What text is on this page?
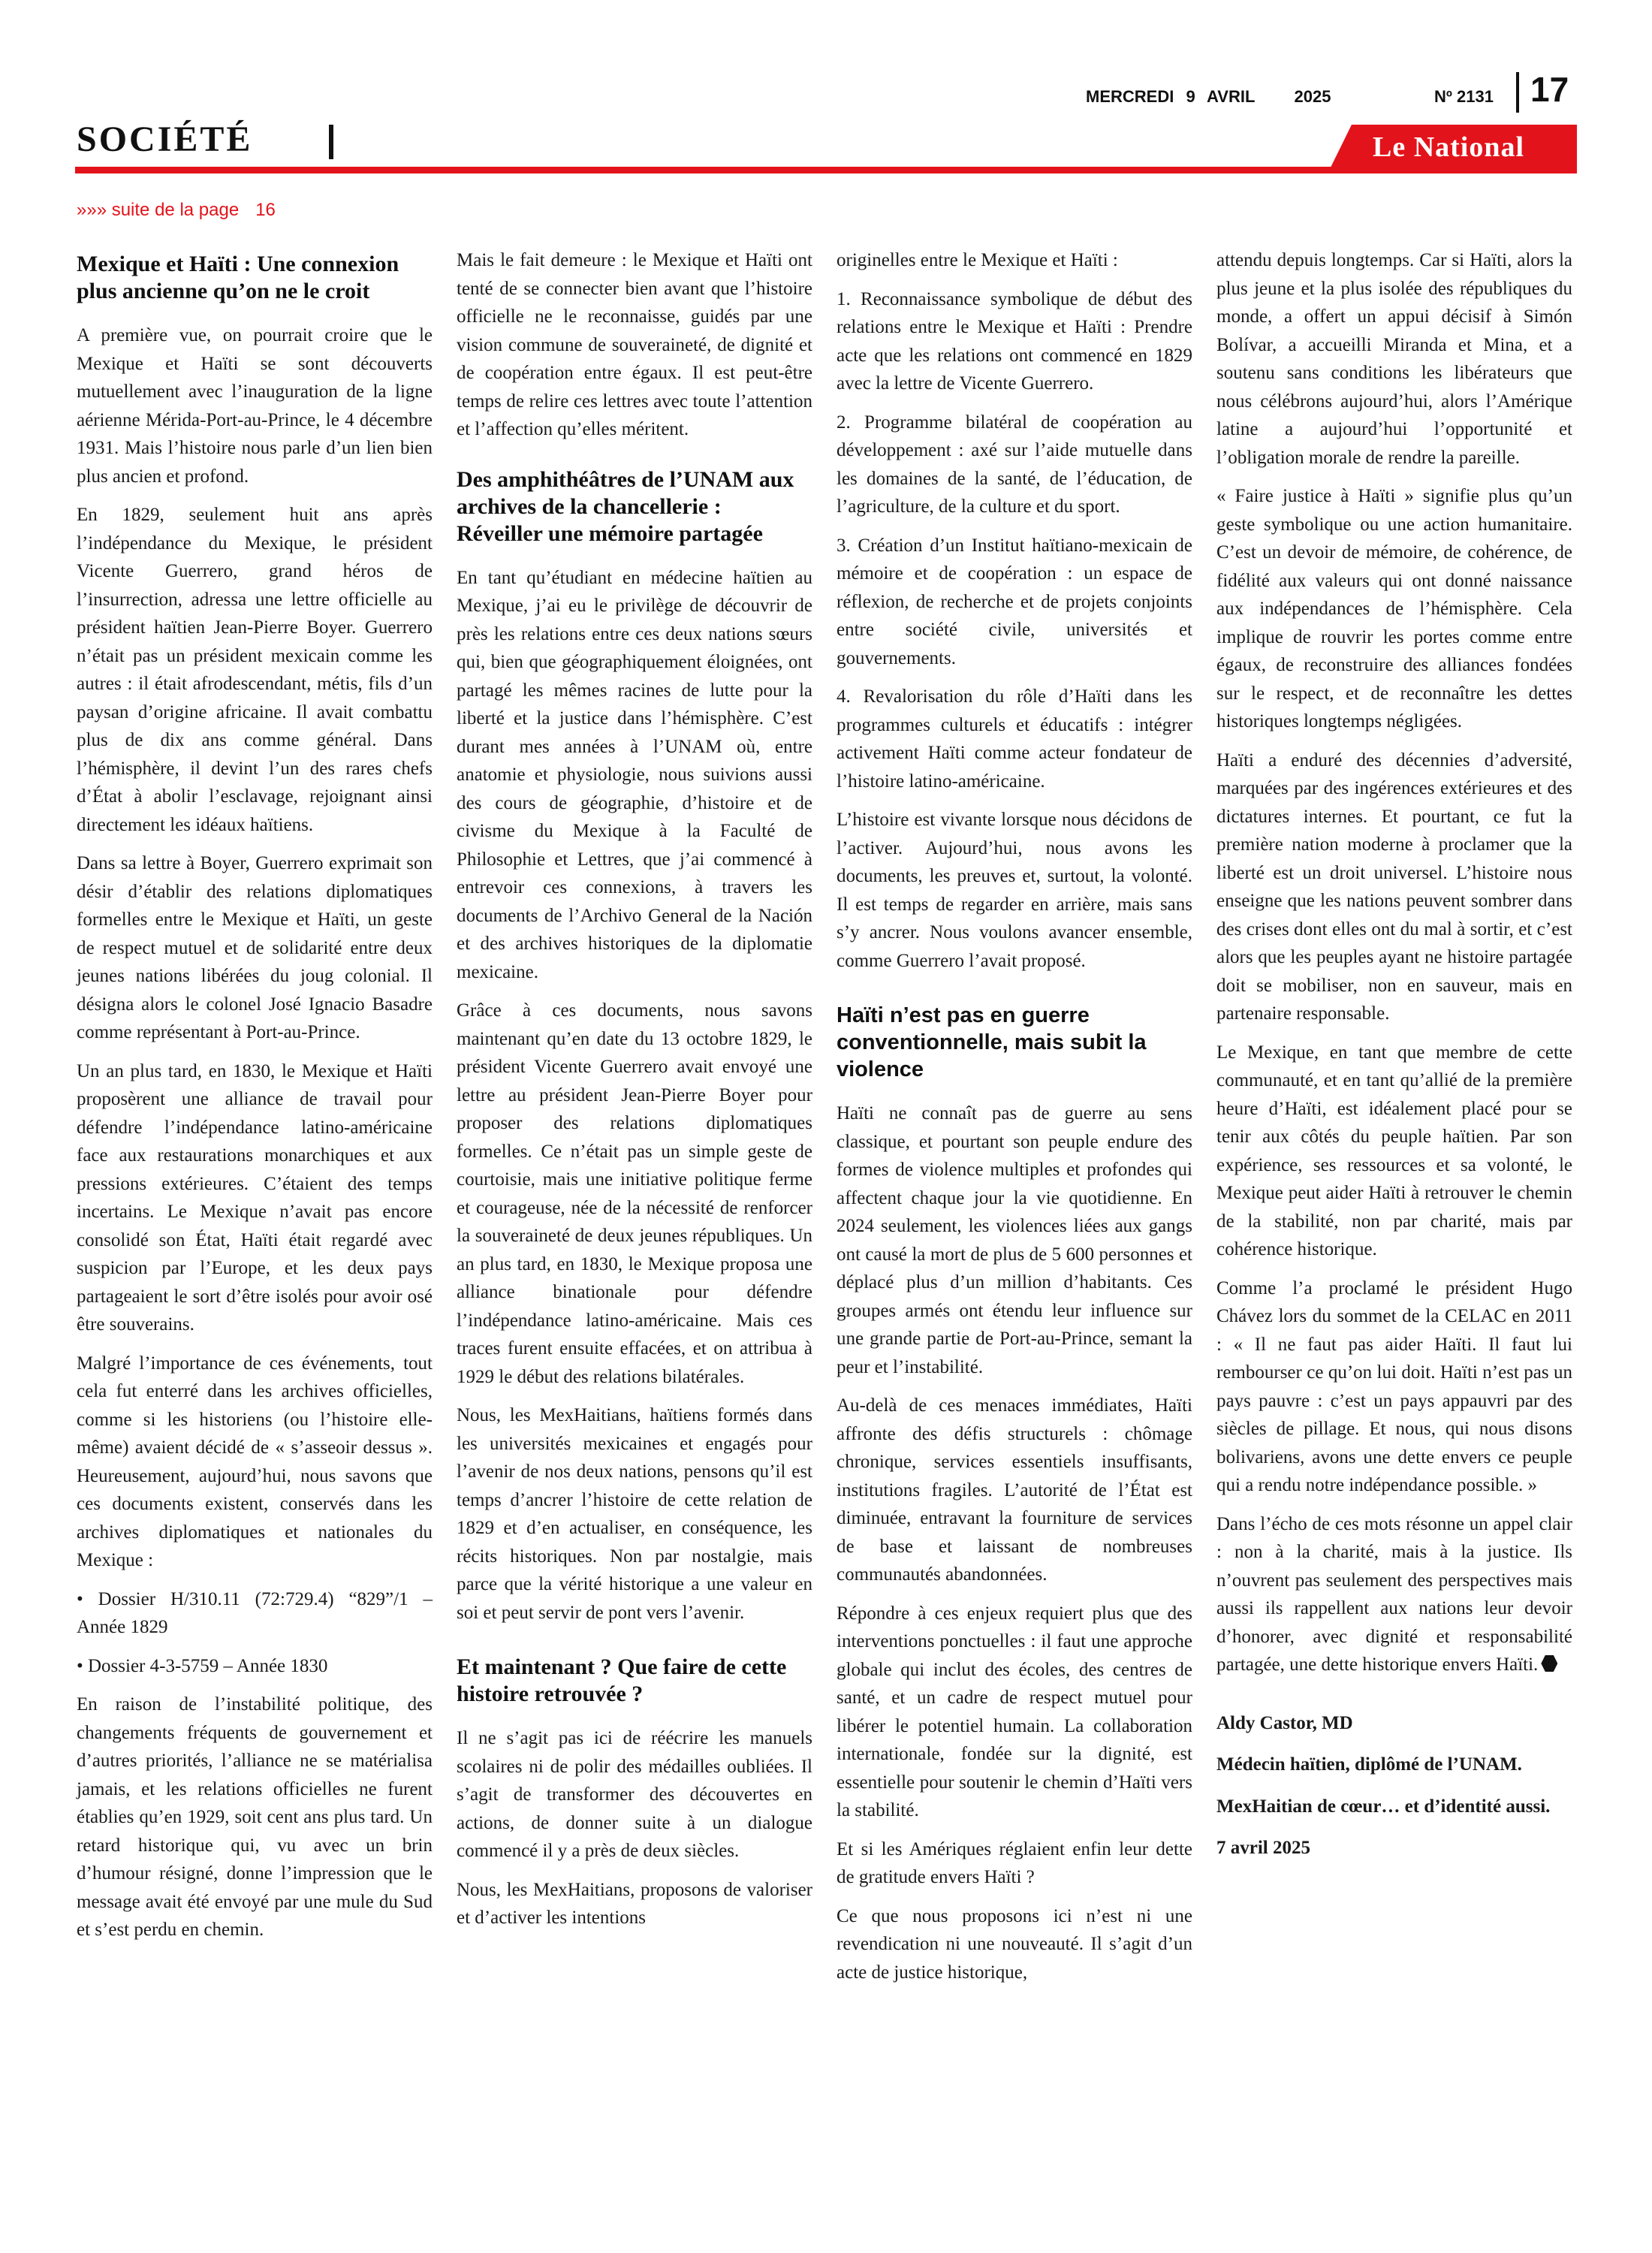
SOCIÉTÉ
MERCREDI 9 AVRIL 2025	Nº 2131 17
Le National
»»» suite de la page 16
Mexique et Haïti : Une connexion plus ancienne qu’on ne le croit

A première vue, on pourrait croire que le Mexique et Haïti se sont découverts mutuellement avec l’inauguration de la ligne aérienne Mérida-Port-au-Prince, le 4 décembre 1931. Mais l’histoire nous parle d’un lien bien plus ancien et profond.

En 1829, seulement huit ans après l’indépendance du Mexique, le président Vicente Guerrero, grand héros de l’insurrection, adressa une lettre officielle au président haïtien Jean-Pierre Boyer. Guerrero n’était pas un président mexicain comme les autres : il était afrodescendant, métis, fils d’un paysan d’origine africaine. Il avait combattu plus de dix ans comme général. Dans l’hémisphère, il devint l’un des rares chefs d’État à abolir l’esclavage, rejoignant ainsi directement les idéaux haïtiens.

Dans sa lettre à Boyer, Guerrero exprimait son désir d’établir des relations diplomatiques formelles entre le Mexique et Haïti, un geste de respect mutuel et de solidarité entre deux jeunes nations libérées du joug colonial. Il désigna alors le colonel José Ignacio Basadre comme représentant à Port-au-Prince.

Un an plus tard, en 1830, le Mexique et Haïti proposèrent une alliance de travail pour défendre l’indépendance latino-américaine face aux restaurations monarchiques et aux pressions extérieures. C’étaient des temps incertains. Le Mexique n’avait pas encore consolidé son État, Haïti était regardé avec suspicion par l’Europe, et les deux pays partageaient le sort d’être isolés pour avoir osé être souverains.

Malgré l’importance de ces événements, tout cela fut enterré dans les archives officielles, comme si les historiens (ou l’histoire elle-même) avaient décidé de « s’asseoir dessus ». Heureusement, aujourd’hui, nous savons que ces documents existent, conservés dans les archives diplomatiques et nationales du Mexique :

• Dossier H/310.11 (72:729.4) “829”/1 – Année 1829

• Dossier 4-3-5759 – Année 1830

En raison de l’instabilité politique, des changements fréquents de gouvernement et d’autres priorités, l’alliance ne se matérialisa jamais, et les relations officielles ne furent établies qu’en 1929, soit cent ans plus tard. Un retard historique qui, vu avec un brin d’humour résigné, donne l’impression que le message avait été envoyé par une mule du Sud et s’est perdu en chemin.

Mais le fait demeure : le Mexique et Haïti ont tenté de se connecter bien avant que l’histoire officielle ne le reconnaisse, guidés par une vision commune de souveraineté, de dignité et de coopération entre égaux. Il est peut-être temps de relire ces lettres avec toute l’attention et l’affection qu’elles méritent.

Des amphithéâtres de l’UNAM aux archives de la chancellerie : Réveiller une mémoire partagée

En tant qu’étudiant en médecine haïtien au Mexique, j’ai eu le privilège de découvrir de près les relations entre ces deux nations sœurs qui, bien que géographiquement éloignées, ont partagé les mêmes racines de lutte pour la liberté et la justice dans l’hémisphère. C’est durant mes années à l’UNAM où, entre anatomie et physiologie, nous suivions aussi des cours de géographie, d’histoire et de civisme du Mexique à la Faculté de Philosophie et Lettres, que j’ai commencé à entrevoir ces connexions, à travers les documents de l’Archivo General de la Nación et des archives historiques de la diplomatie mexicaine.

Grâce à ces documents, nous savons maintenant qu’en date du 13 octobre 1829, le président Vicente Guerrero avait envoyé une lettre au président Jean-Pierre Boyer pour proposer des relations diplomatiques formelles. Ce n’était pas un simple geste de courtoisie, mais une initiative politique ferme et courageuse, née de la nécessité de renforcer la souveraineté de deux jeunes républiques. Un an plus tard, en 1830, le Mexique proposa une alliance binationale pour défendre l’indépendance latino-américaine. Mais ces traces furent ensuite effacées, et on attribua à 1929 le début des relations bilatérales.

Nous, les MexHaitians, haïtiens formés dans les universités mexicaines et engagés pour l’avenir de nos deux nations, pensons qu’il est temps d’ancrer l’histoire de cette relation de 1829 et d’en actualiser, en conséquence, les récits historiques. Non par nostalgie, mais parce que la vérité historique a une valeur en soi et peut servir de pont vers l’avenir.

Et maintenant ? Que faire de cette histoire retrouvée ?

Il ne s’agit pas ici de réécrire les manuels scolaires ni de polir des médailles oubliées. Il s’agit de transformer des découvertes en actions, de donner suite à un dialogue commencé il y a près de deux siècles.

Nous, les MexHaitians, proposons de valoriser et d’activer les intentions

originelles entre le Mexique et Haïti :

1. Reconnaissance symbolique de début des relations entre le Mexique et Haïti : Prendre acte que les relations ont commencé en 1829 avec la lettre de Vicente Guerrero.

2. Programme bilatéral de coopération au développement : axé sur l’aide mutuelle dans les domaines de la santé, de l’éducation, de l’agriculture, de la culture et du sport.

3. Création d’un Institut haïtiano-mexicain de mémoire et de coopération : un espace de réflexion, de recherche et de projets conjoints entre société civile, universités et gouvernements.

4. Revalorisation du rôle d’Haïti dans les programmes culturels et éducatifs : intégrer activement Haïti comme acteur fondateur de l’histoire latino-américaine.

L’histoire est vivante lorsque nous décidons de l’activer. Aujourd’hui, nous avons les documents, les preuves et, surtout, la volonté. Il est temps de regarder en arrière, mais sans s’y ancrer. Nous voulons avancer ensemble, comme Guerrero l’avait proposé.

Haïti n’est pas en guerre conventionnelle, mais subit la violence

Haïti ne connaît pas de guerre au sens classique, et pourtant son peuple endure des formes de violence multiples et profondes qui affectent chaque jour la vie quotidienne. En 2024 seulement, les violences liées aux gangs ont causé la mort de plus de 5 600 personnes et déplacé plus d’un million d’habitants. Ces groupes armés ont étendu leur influence sur une grande partie de Port-au-Prince, semant la peur et l’instabilité.

Au-delà de ces menaces immédiates, Haïti affronte des défis structurels : chômage chronique, services essentiels insuffisants, institutions fragiles. L’autorité de l’État est diminuée, entravant la fourniture de services de base et laissant de nombreuses communautés abandonnées.

Répondre à ces enjeux requiert plus que des interventions ponctuelles : il faut une approche globale qui inclut des écoles, des centres de santé, et un cadre de respect mutuel pour libérer le potentiel humain. La collaboration internationale, fondée sur la dignité, est essentielle pour soutenir le chemin d’Haïti vers la stabilité.

Et si les Amériques réglaient enfin leur dette de gratitude envers Haïti ?

Ce que nous proposons ici n’est ni une revendication ni une nouveauté. Il s’agit d’un acte de justice historique,

attendu depuis longtemps. Car si Haïti, alors la plus jeune et la plus isolée des républiques du monde, a offert un appui décisif à Simón Bolívar, a accueilli Miranda et Mina, et a soutenu sans conditions les libérateurs que nous célébrons aujourd’hui, alors l’Amérique latine a aujourd’hui l’opportunité et l’obligation morale de rendre la pareille.

« Faire justice à Haïti » signifie plus qu’un geste symbolique ou une action humanitaire. C’est un devoir de mémoire, de cohérence, de fidélité aux valeurs qui ont donné naissance aux indépendances de l’hémisphère. Cela implique de rouvrir les portes comme entre égaux, de reconstruire des alliances fondées sur le respect, et de reconnaître les dettes historiques longtemps négligées.

Haïti a enduré des décennies d’adversité, marquées par des ingérences extérieures et des dictatures internes. Et pourtant, ce fut la première nation moderne à proclamer que la liberté est un droit universel. L’histoire nous enseigne que les nations peuvent sombrer dans des crises dont elles ont du mal à sortir, et c’est alors que les peuples ayant ne histoire partagée doit se mobiliser, non en sauveur, mais en partenaire responsable.

Le Mexique, en tant que membre de cette communauté, et en tant qu’allié de la première heure d’Haïti, est idéalement placé pour se tenir aux côtés du peuple haïtien. Par son expérience, ses ressources et sa volonté, le Mexique peut aider Haïti à retrouver le chemin de la stabilité, non par charité, mais par cohérence historique.

Comme l’a proclamé le président Hugo Chávez lors du sommet de la CELAC en 2011 : « Il ne faut pas aider Haïti. Il faut lui rembourser ce qu’on lui doit. Haïti n’est pas un pays pauvre : c’est un pays appauvri par des siècles de pillage. Et nous, qui nous disons bolivariens, avons une dette envers ce peuple qui a rendu notre indépendance possible. »

Dans l’écho de ces mots résonne un appel clair : non à la charité, mais à la justice. Ils n’ouvrent pas seulement des perspectives mais aussi ils rappellent aux nations leur devoir d’honorer, avec dignité et responsabilité partagée, une dette historique envers Haïti.

Aldy Castor, MD

Médecin haïtien, diplômé de l’UNAM.

MexHaitian de cœur… et d’identité aussi.

7 avril 2025
